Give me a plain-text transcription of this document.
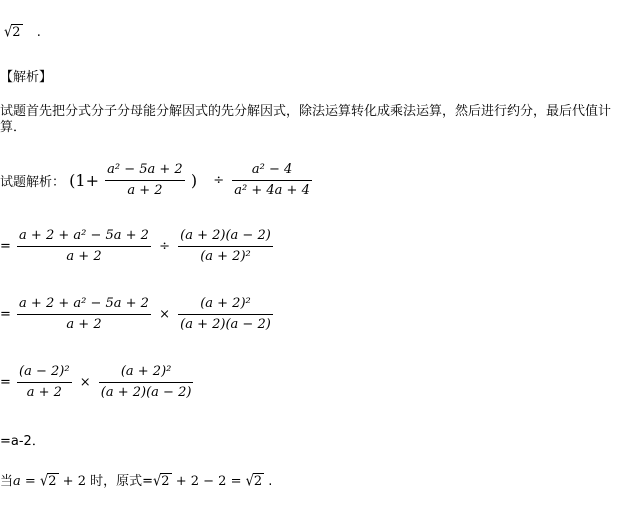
√2 .
【解析】
试题首先把分式分子分母能分解因式的先分解因式，除法运算转化成乘法运算，然后进行约分，最后代值计算．
试题解析： ($1+ \frac{\text{a² − 5a + 2}}{a + 2}$ ) ÷ $\frac{\text{a² − 4}}{\text{a² + 4a + 4}}$
= $\frac{\text{a + 2 + a² − 5a + 2}}{a + 2} \div \frac{(a + 2)(a - 2)}{\text{(a + 2)²}}$
= $\frac{\text{a + 2 + a² − 5a + 2}}{a + 2} \times \frac{\text{(a + 2)²}}{(a + 2)(a - 2)}$
= $\frac{\text{(a − 2)²}}{a + 2} \times \frac{\text{(a + 2)²}}{(a + 2)(a - 2)}$
=a-2．
当a = √2 + 2 时，原式=√2 + 2 − 2 = √2 .
